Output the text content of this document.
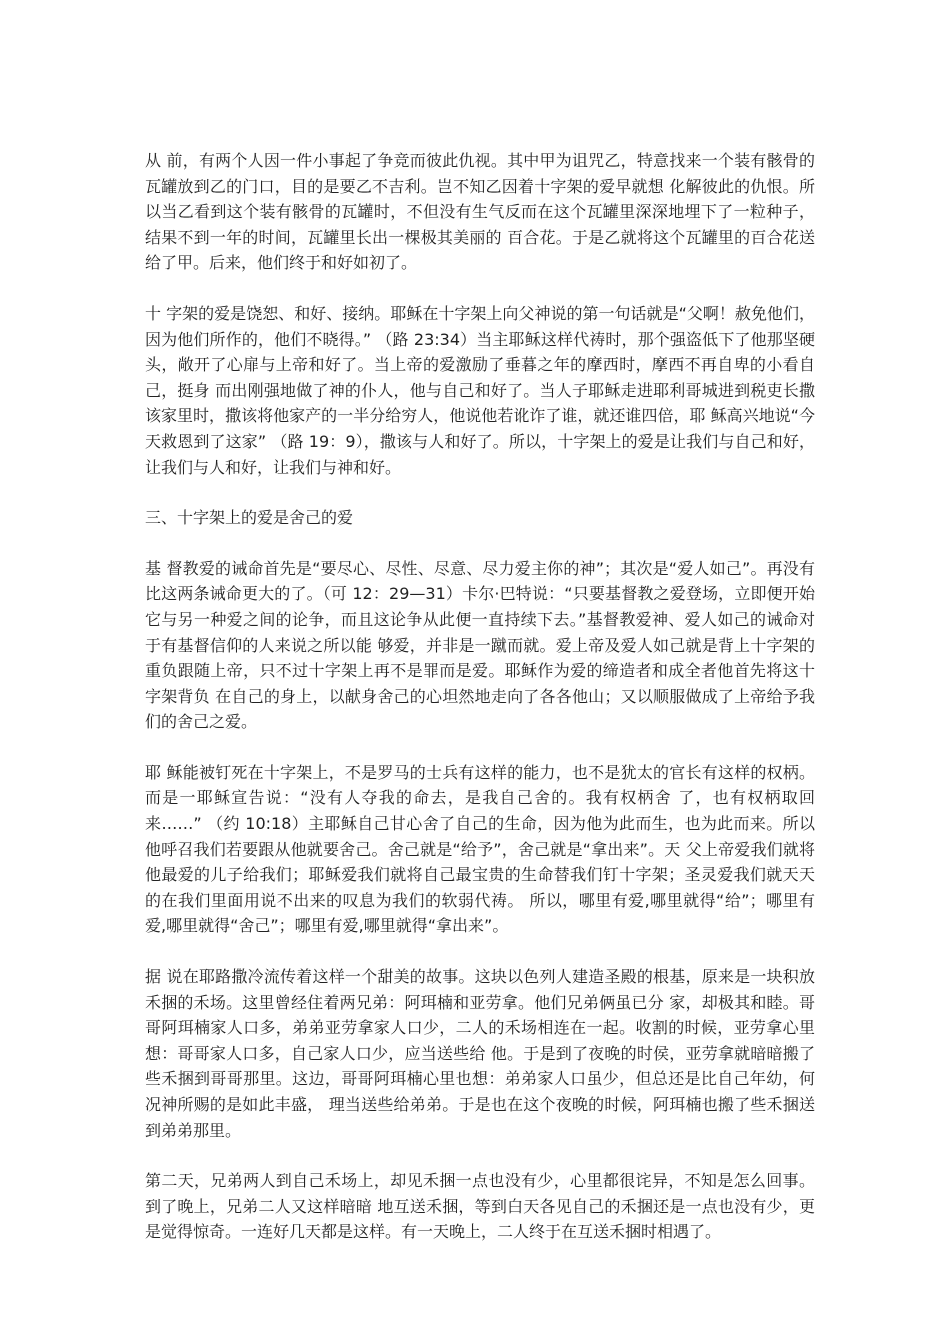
从 前，有两个人因一件小事起了争竞而彼此仇视。其中甲为诅咒乙，特意找来一个装有骸骨的瓦罐放到乙的门口，目的是要乙不吉利。岂不知乙因着十字架的爱早就想 化解彼此的仇恨。所以当乙看到这个装有骸骨的瓦罐时，不但没有生气反而在这个瓦罐里深深地埋下了一粒种子，结果不到一年的时间，瓦罐里长出一棵极其美丽的 百合花。于是乙就将这个瓦罐里的百合花送给了甲。后来，他们终于和好如初了。

十 字架的爱是饶恕、和好、接纳。耶稣在十字架上向父神说的第一句话就是“父啊！赦免他们，因为他们所作的，他们不晓得。” （路 23:34）当主耶稣这样代祷时，那个强盗低下了他那坚硬头，敞开了心扉与上帝和好了。当上帝的爱激励了垂暮之年的摩西时，摩西不再自卑的小看自己，挺身 而出刚强地做了神的仆人，他与自己和好了。当人子耶稣走进耶利哥城进到税吏长撒该家里时，撒该将他家产的一半分给穷人，他说他若讹诈了谁，就还谁四倍，耶 稣高兴地说“今天救恩到了这家” （路 19：9），撒该与人和好了。所以，十字架上的爱是让我们与自己和好，让我们与人和好，让我们与神和好。

三、十字架上的爱是舍己的爱

基 督教爱的诫命首先是“要尽心、尽性、尽意、尽力爱主你的神”；其次是“爱人如己”。再没有比这两条诫命更大的了。（可 12：29—31）卡尔·巴特说：“只要基督教之爱登场，立即便开始它与另一种爱之间的论争，而且这论争从此便一直持续下去。”基督教爱神、爱人如己的诫命对于有基督信仰的人来说之所以能 够爱，并非是一蹴而就。爱上帝及爱人如己就是背上十字架的重负跟随上帝，只不过十字架上再不是罪而是爱。耶稣作为爱的缔造者和成全者他首先将这十字架背负 在自己的身上，以献身舍己的心坦然地走向了各各他山；又以顺服做成了上帝给予我们的舍己之爱。

耶 稣能被钉死在十字架上，不是罗马的士兵有这样的能力，也不是犹太的官长有这样的权柄。而是一耶稣宣告说：“没有人夺我的命去，是我自己舍的。我有权柄舍 了，也有权柄取回来……” （约 10:18）主耶稣自己甘心舍了自己的生命，因为他为此而生，也为此而来。所以他呼召我们若要跟从他就要舍己。舍己就是“给予”，舍己就是“拿出来”。天 父上帝爱我们就将他最爱的儿子给我们；耶稣爱我们就将自己最宝贵的生命替我们钉十字架；圣灵爱我们就天天的在我们里面用说不出来的叹息为我们的软弱代祷。 所以，哪里有爱,哪里就得“给”；哪里有爱,哪里就得“舍己”；哪里有爱,哪里就得“拿出来”。

据 说在耶路撒冷流传着这样一个甜美的故事。这块以色列人建造圣殿的根基，原来是一块积放禾捆的禾场。这里曾经住着两兄弟：阿珥楠和亚劳拿。他们兄弟俩虽已分 家，却极其和睦。哥哥阿珥楠家人口多，弟弟亚劳拿家人口少，二人的禾场相连在一起。收割的时候，亚劳拿心里想：哥哥家人口多，自己家人口少，应当送些给 他。于是到了夜晚的时侯，亚劳拿就暗暗搬了些禾捆到哥哥那里。这边，哥哥阿珥楠心里也想：弟弟家人口虽少，但总还是比自己年幼，何况神所赐的是如此丰盛， 理当送些给弟弟。于是也在这个夜晚的时候，阿珥楠也搬了些禾捆送到弟弟那里。

第二天，兄弟两人到自己禾场上，却见禾捆一点也没有少，心里都很诧异，不知是怎么回事。到了晚上，兄弟二人又这样暗暗 地互送禾捆，等到白天各见自己的禾捆还是一点也没有少，更是觉得惊奇。一连好几天都是这样。有一天晚上，二人终于在互送禾捆时相遇了。
